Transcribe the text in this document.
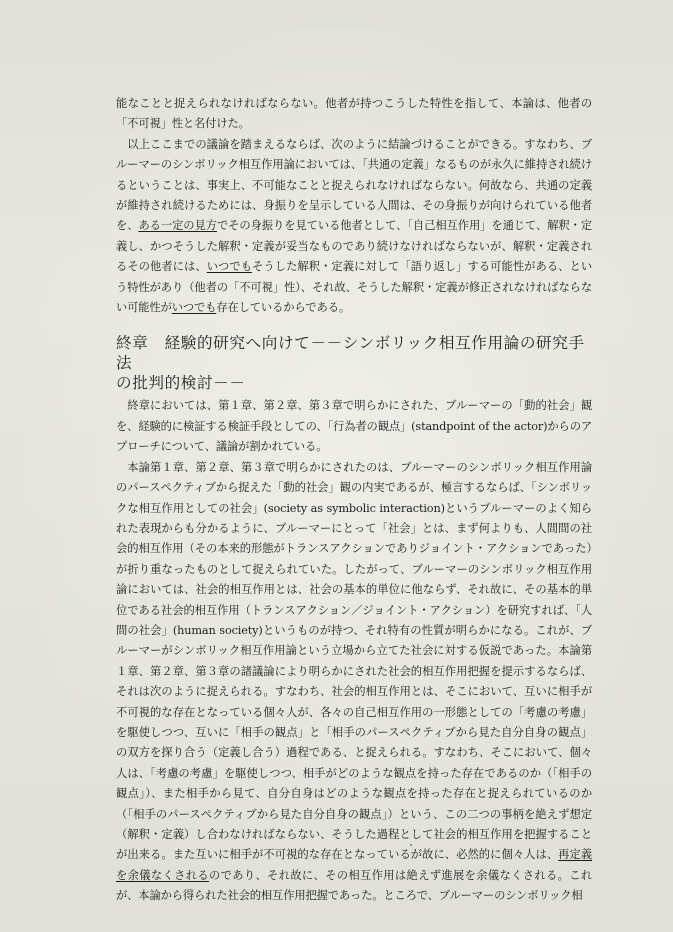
能なことと捉えられなければならない。他者が持つこうした特性を指して、本論は、他者の「不可視」性と名付けた。

以上ここまでの議論を踏まえるならば、次のように結論づけることができる。すなわち、ブルーマーのシンボリック相互作用論においては、「共通の定義」なるものが永久に維持され続けるということは、事実上、不可能なことと捉えられなければならない。何故なら、共通の定義が維持され続けるためには、身振りを呈示している人間は、その身振りが向けられている他者を、ある一定の見方でその身振りを見ている他者として、「自己相互作用」を通じて、解釈・定義し、かつそうした解釈・定義が妥当なものであり続けなければならないが、解釈・定義されるその他者には、いつでもそうした解釈・定義に対して「語り返し」する可能性がある、という特性があり（他者の「不可視」性）、それ故、そうした解釈・定義が修正されなければならない可能性がいつでも存在しているからである。

終章　経験的研究へ向けて－－シンボリック相互作用論の研究手法
の批判的検討－－

終章においては、第１章、第２章、第３章で明らかにされた、ブルーマーの「動的社会」観を、経験的に検証する検証手段としての、「行為者の観点」(standpoint of the actor)からのアプローチについて、議論が割かれている。

本論第１章、第２章、第３章で明らかにされたのは、ブルーマーのシンボリック相互作用論のパースペクティブから捉えた「動的社会」観の内実であるが、極言するならば、「シンボリックな相互作用としての社会」(society as symbolic interaction)というブルーマーのよく知られた表現からも分かるように、ブルーマーにとって「社会」とは、まず何よりも、人間間の社会的相互作用（その本来的形態がトランスアクションでありジョイント・アクションであった）が折り重なったものとして捉えられていた。したがって、ブルーマーのシンボリック相互作用論においては、社会的相互作用とは、社会の基本的単位に他ならず、それ故に、その基本的単位である社会的相互作用（トランスアクション／ジョイント・アクション）を研究すれば、「人間の社会」(human society)というものが持つ、それ特有の性質が明らかになる。これが、ブルーマーがシンボリック相互作用論という立場から立てた社会に対する仮説であった。本論第１章、第２章、第３章の諸議論により明らかにされた社会的相互作用把握を提示するならば、それは次のように捉えられる。すなわち、社会的相互作用とは、そこにおいて、互いに相手が不可視的な存在となっている個々人が、各々の自己相互作用の一形態としての「考慮の考慮」を駆使しつつ、互いに「相手の観点」と「相手のパースペクティブから見た自分自身の観点」の双方を探り合う（定義し合う）過程である、と捉えられる。すなわち、そこにおいて、個々人は、「考慮の考慮」を駆使しつつ、相手がどのような観点を持った存在であるのか（「相手の観点」）、また相手から見て、自分自身はどのような観点を持った存在と捉えられているのか（「相手のパースペクティブから見た自分自身の観点」）という、この二つの事柄を絶えず想定（解釈・定義）し合わなければならない、そうした過程として社会的相互作用を把握することが出来る。また互いに相手が不可視的な存在となっているが故に、必然的に個々人は、再定義を余儀なくされるのであり、それ故に、その相互作用は絶えず進展を余儀なくされる。これが、本論から得られた社会的相互作用把握であった。ところで、ブルーマーのシンボリック相
